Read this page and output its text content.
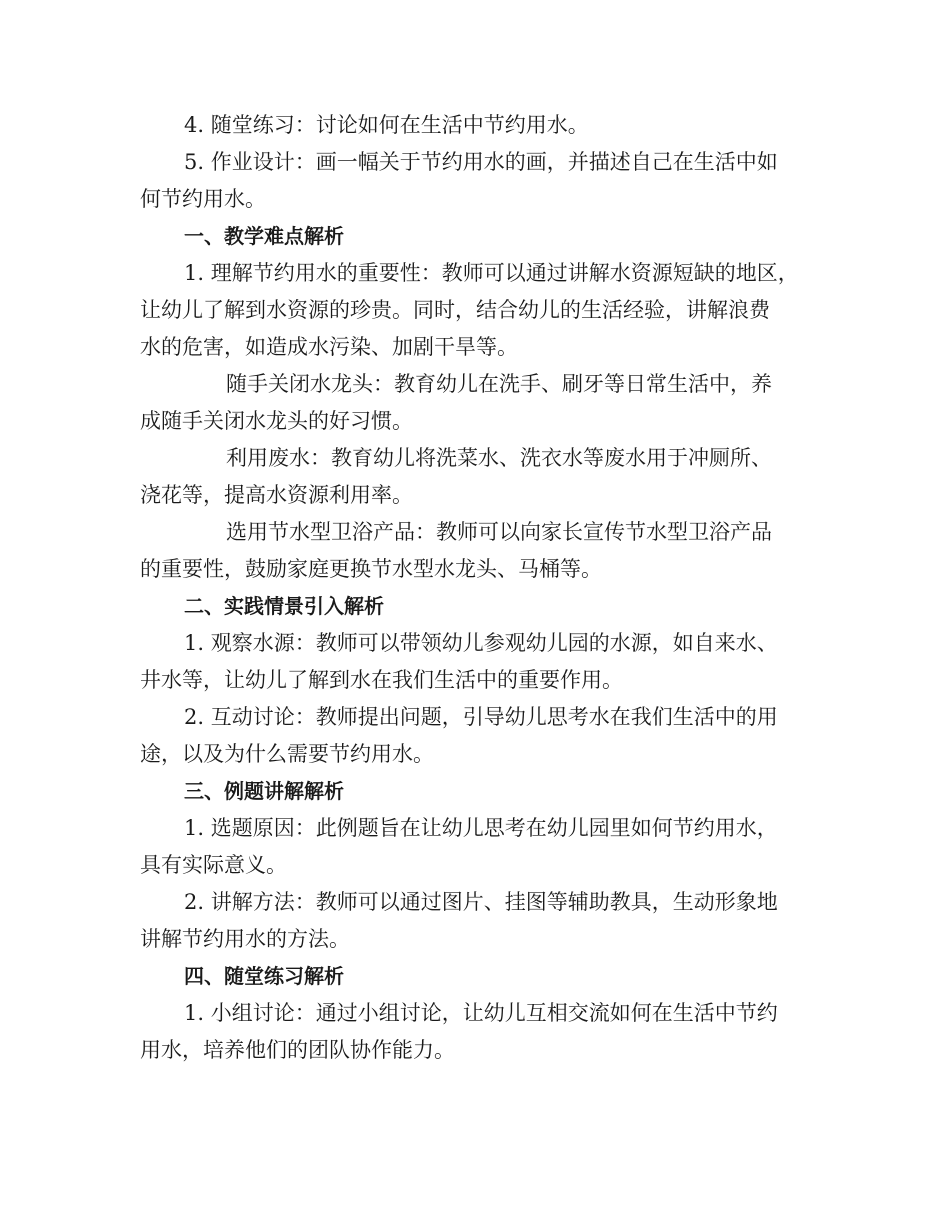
4. 随堂练习：讨论如何在生活中节约用水。
5. 作业设计：画一幅关于节约用水的画，并描述自己在生活中如
何节约用水。
一、教学难点解析
1. 理解节约用水的重要性：教师可以通过讲解水资源短缺的地区，
让幼儿了解到水资源的珍贵。同时，结合幼儿的生活经验，讲解浪费
水的危害，如造成水污染、加剧干旱等。
随手关闭水龙头：教育幼儿在洗手、刷牙等日常生活中，养
成随手关闭水龙头的好习惯。
利用废水：教育幼儿将洗菜水、洗衣水等废水用于冲厕所、
浇花等，提高水资源利用率。
选用节水型卫浴产品：教师可以向家长宣传节水型卫浴产品
的重要性，鼓励家庭更换节水型水龙头、马桶等。
二、实践情景引入解析
1. 观察水源：教师可以带领幼儿参观幼儿园的水源，如自来水、
井水等，让幼儿了解到水在我们生活中的重要作用。
2. 互动讨论：教师提出问题，引导幼儿思考水在我们生活中的用
途，以及为什么需要节约用水。
三、例题讲解解析
1. 选题原因：此例题旨在让幼儿思考在幼儿园里如何节约用水，
具有实际意义。
2. 讲解方法：教师可以通过图片、挂图等辅助教具，生动形象地
讲解节约用水的方法。
四、随堂练习解析
1. 小组讨论：通过小组讨论，让幼儿互相交流如何在生活中节约
用水，培养他们的团队协作能力。
